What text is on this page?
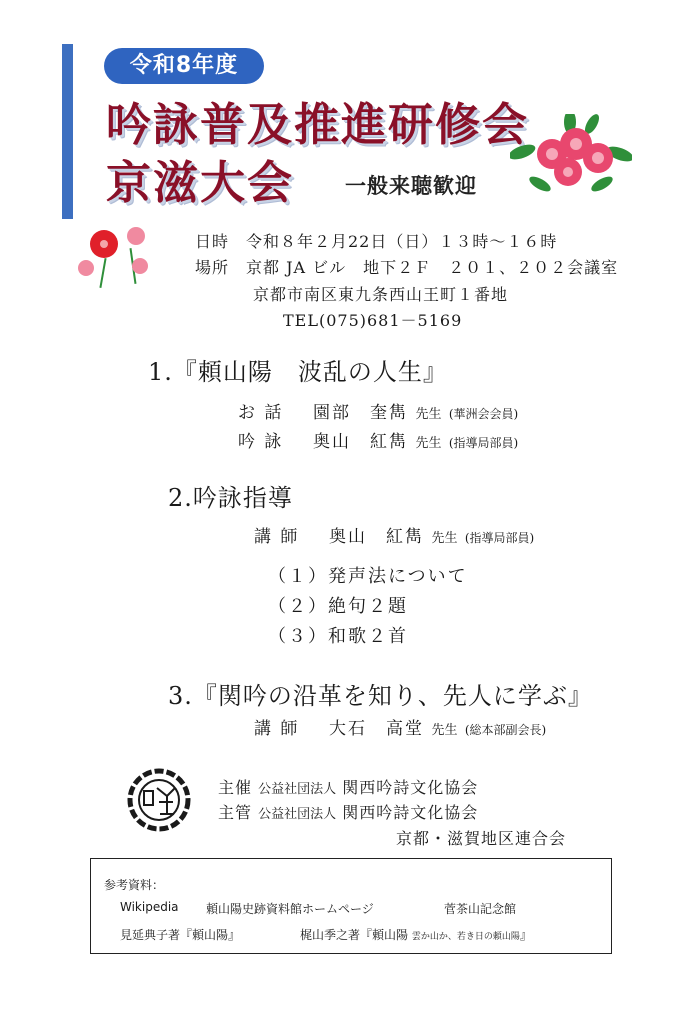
令和8年度
吟詠普及推進研修会
京滋大会 一般来聴歓迎
日時　令和８年２月22日（日）１３時～１６時
場所　京都 JA ビル　地下２Ｆ　２０１、２０２会議室
京都市南区東九条西山王町１番地
TEL(075)681－5169
1.『頼山陽　波乱の人生』
お 話 園部　奎雋 先生 (華洲会会員)
吟 詠 奥山　紅雋 先生 (指導局部員)
2.吟詠指導
講 師 奥山　紅雋 先生 (指導局部員)
（１）発声法について
（２）絶句２題
（３）和歌２首
3.『関吟の沿革を知り、先人に学ぶ』
講 師 大石　高堂 先生 (総本部副会長)
主催 公益社団法人 関西吟詩文化協会
主管 公益社団法人 関西吟詩文化協会
京都・滋賀地区連合会
参考資料：
Wikipedia 頼山陽史跡資料館ホームページ	菅茶山記念館
見延典子著『頼山陽』	梶山季之著『頼山陽 雲か山か、若き日の頼山陽』
